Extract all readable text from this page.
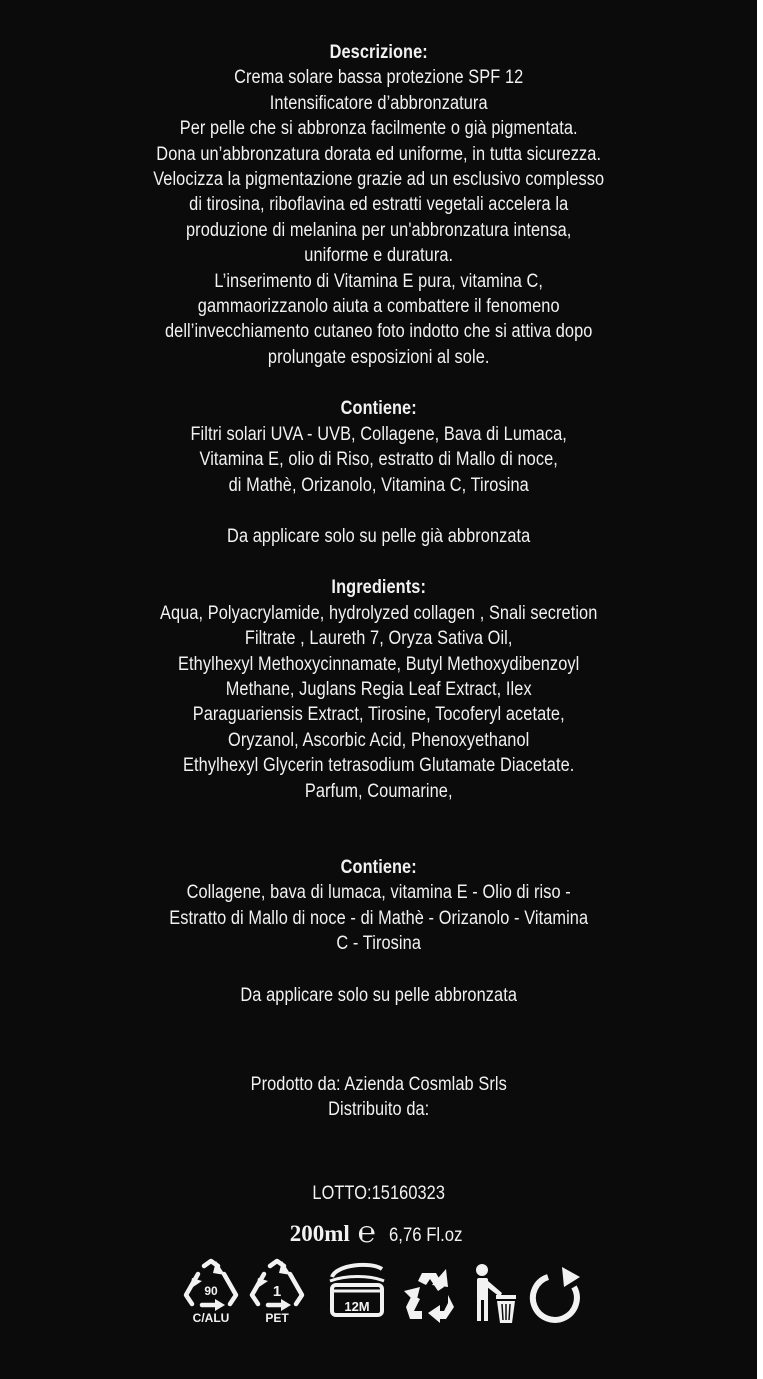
Descrizione:
Crema solare bassa protezione SPF 12
Intensificatore d’abbronzatura
Per pelle che si abbronza facilmente o già pigmentata.
Dona un’abbronzatura dorata ed uniforme, in tutta sicurezza.
Velocizza la pigmentazione grazie ad un esclusivo complesso
di tirosina, riboflavina ed estratti vegetali accelera la
produzione di melanina per un'abbronzatura intensa,
uniforme e duratura.
L’inserimento di Vitamina E pura, vitamina C,
gammaorizzanolo aiuta a combattere il fenomeno
dell’invecchiamento cutaneo foto indotto che si attiva dopo
prolungate esposizioni al sole.
Contiene:
Filtri solari UVA - UVB, Collagene, Bava di Lumaca,
Vitamina E, olio di Riso, estratto di Mallo di noce,
di Mathè, Orizanolo, Vitamina C, Tirosina
Da applicare solo su pelle già abbronzata
Ingredients:
Aqua, Polyacrylamide, hydrolyzed collagen , Snali secretion
Filtrate , Laureth 7, Oryza Sativa Oil,
Ethylhexyl Methoxycinnamate, Butyl Methoxydibenzoyl
Methane, Juglans Regia Leaf Extract, Ilex
Paraguariensis Extract, Tirosine, Tocoferyl acetate,
Oryzanol, Ascorbic Acid, Phenoxyethanol
Ethylhexyl Glycerin tetrasodium Glutamate Diacetate.
Parfum, Coumarine,
Contiene:
Collagene, bava di lumaca, vitamina E - Olio di riso -
Estratto di Mallo di noce - di Mathè - Orizanolo - Vitamina
C - Tirosina
Da applicare solo su pelle abbronzata
Prodotto da: Azienda Cosmlab Srls
Distribuito da:
LOTTO:15160323
200ml ℮ 6,76 Fl.oz
90
C/ALU
1
PET
12M
